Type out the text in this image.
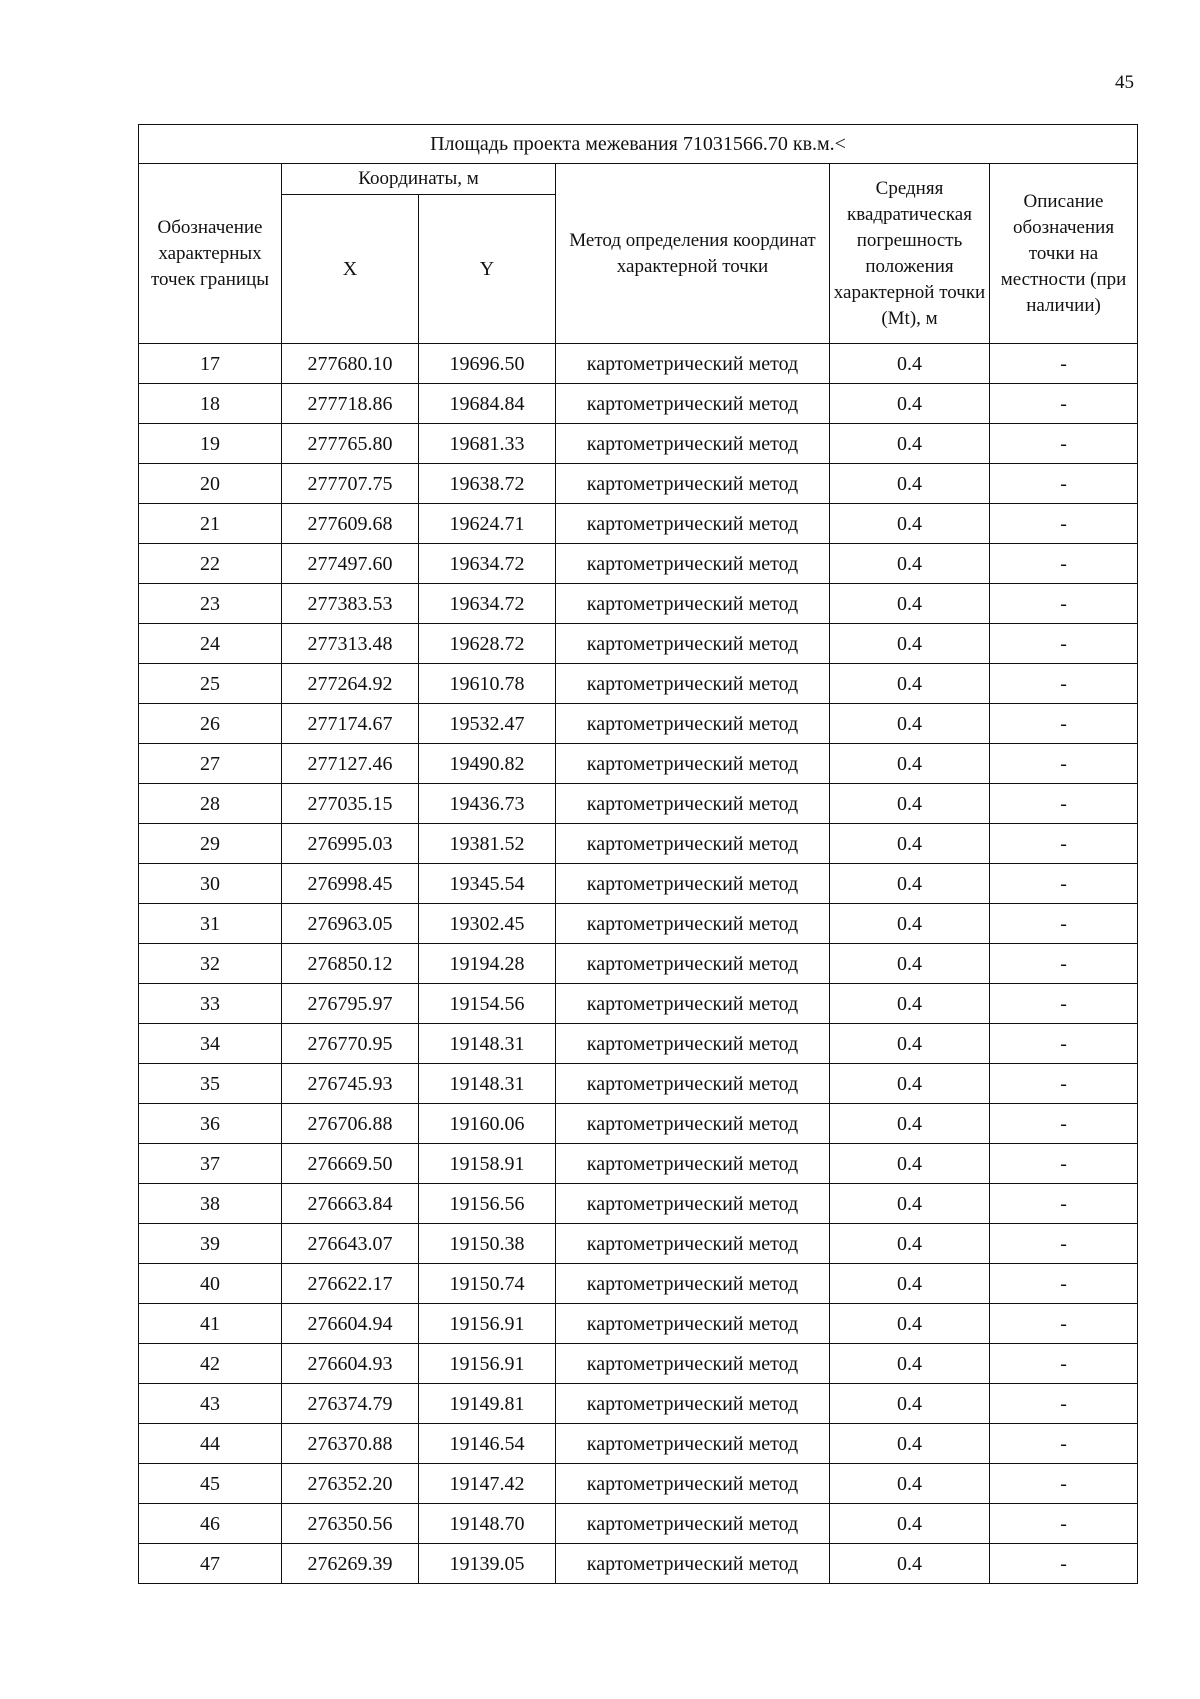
45
Площадь проекта межевания 71031566.70 кв.м.<					
Обозначение характерных точек границы	Координаты, м		Метод определения координат характерной точки	Средняя квадратическая погрешность положения характерной точки (Mt), м	Описание обозначения точки на местности (при наличии)
	X	Y			
17	277680.10	19696.50	картометрический метод	0.4	-
18	277718.86	19684.84	картометрический метод	0.4	-
19	277765.80	19681.33	картометрический метод	0.4	-
20	277707.75	19638.72	картометрический метод	0.4	-
21	277609.68	19624.71	картометрический метод	0.4	-
22	277497.60	19634.72	картометрический метод	0.4	-
23	277383.53	19634.72	картометрический метод	0.4	-
24	277313.48	19628.72	картометрический метод	0.4	-
25	277264.92	19610.78	картометрический метод	0.4	-
26	277174.67	19532.47	картометрический метод	0.4	-
27	277127.46	19490.82	картометрический метод	0.4	-
28	277035.15	19436.73	картометрический метод	0.4	-
29	276995.03	19381.52	картометрический метод	0.4	-
30	276998.45	19345.54	картометрический метод	0.4	-
31	276963.05	19302.45	картометрический метод	0.4	-
32	276850.12	19194.28	картометрический метод	0.4	-
33	276795.97	19154.56	картометрический метод	0.4	-
34	276770.95	19148.31	картометрический метод	0.4	-
35	276745.93	19148.31	картометрический метод	0.4	-
36	276706.88	19160.06	картометрический метод	0.4	-
37	276669.50	19158.91	картометрический метод	0.4	-
38	276663.84	19156.56	картометрический метод	0.4	-
39	276643.07	19150.38	картометрический метод	0.4	-
40	276622.17	19150.74	картометрический метод	0.4	-
41	276604.94	19156.91	картометрический метод	0.4	-
42	276604.93	19156.91	картометрический метод	0.4	-
43	276374.79	19149.81	картометрический метод	0.4	-
44	276370.88	19146.54	картометрический метод	0.4	-
45	276352.20	19147.42	картометрический метод	0.4	-
46	276350.56	19148.70	картометрический метод	0.4	-
47	276269.39	19139.05	картометрический метод	0.4	-
